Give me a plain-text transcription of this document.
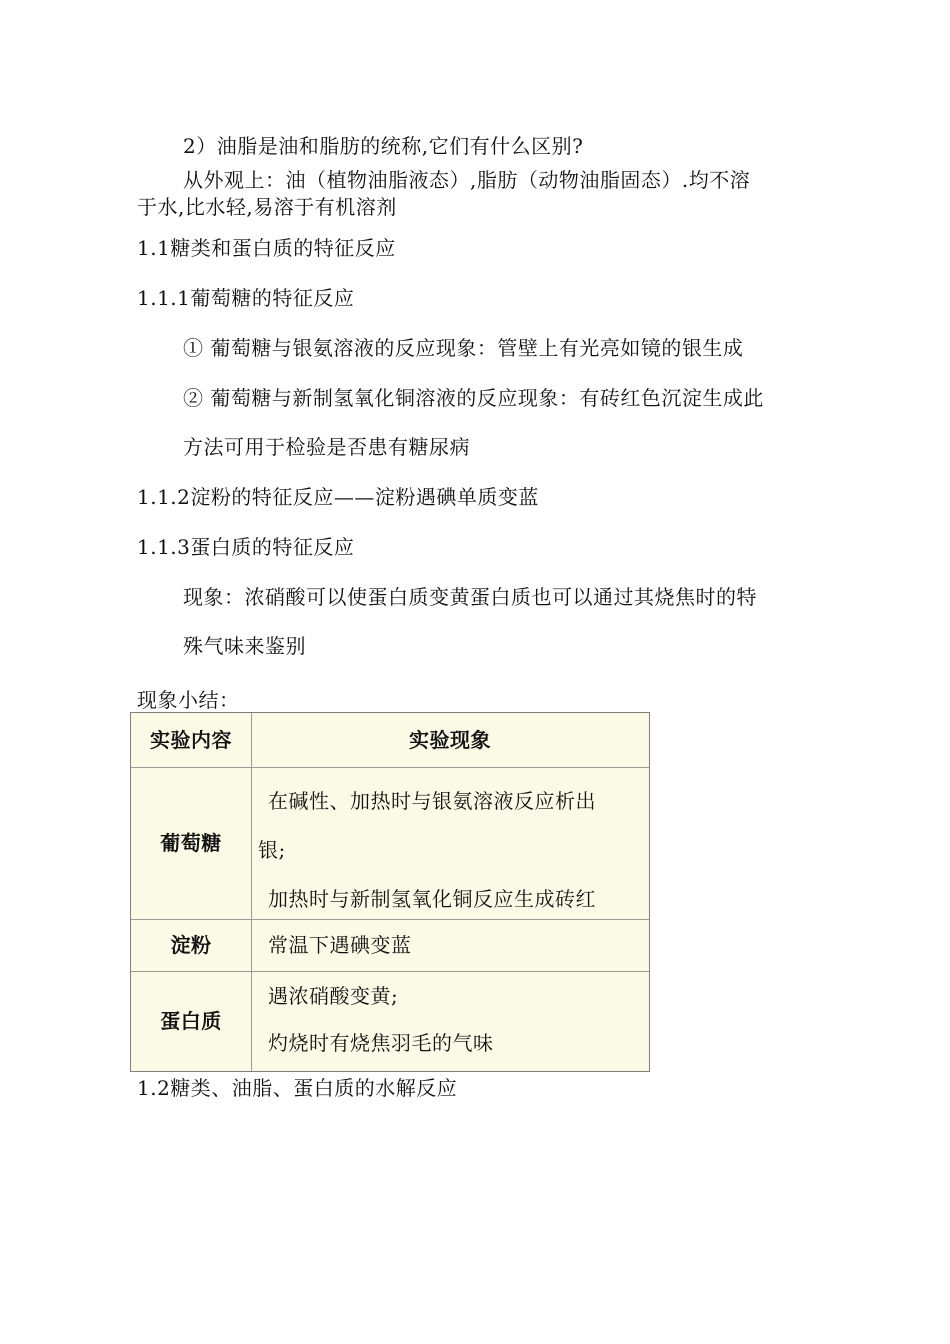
2）油脂是油和脂肪的统称,它们有什么区别?
从外观上：油（植物油脂液态）,脂肪（动物油脂固态）.均不溶
于水,比水轻,易溶于有机溶剂
1.1糖类和蛋白质的特征反应
1.1.1葡萄糖的特征反应
① 葡萄糖与银氨溶液的反应现象：管壁上有光亮如镜的银生成
② 葡萄糖与新制氢氧化铜溶液的反应现象：有砖红色沉淀生成此
方法可用于检验是否患有糖尿病
1.1.2淀粉的特征反应——淀粉遇碘单质变蓝
1.1.3蛋白质的特征反应
现象：浓硝酸可以使蛋白质变黄蛋白质也可以通过其烧焦时的特
殊气味来鉴别
现象小结：
实验内容	实验现象
葡萄糖
在碱性、加热时与银氨溶液反应析出
银;
加热时与新制氢氧化铜反应生成砖红
淀粉	常温下遇碘变蓝
蛋白质
遇浓硝酸变黄;
灼烧时有烧焦羽毛的气味
1.2糖类、油脂、蛋白质的水解反应
